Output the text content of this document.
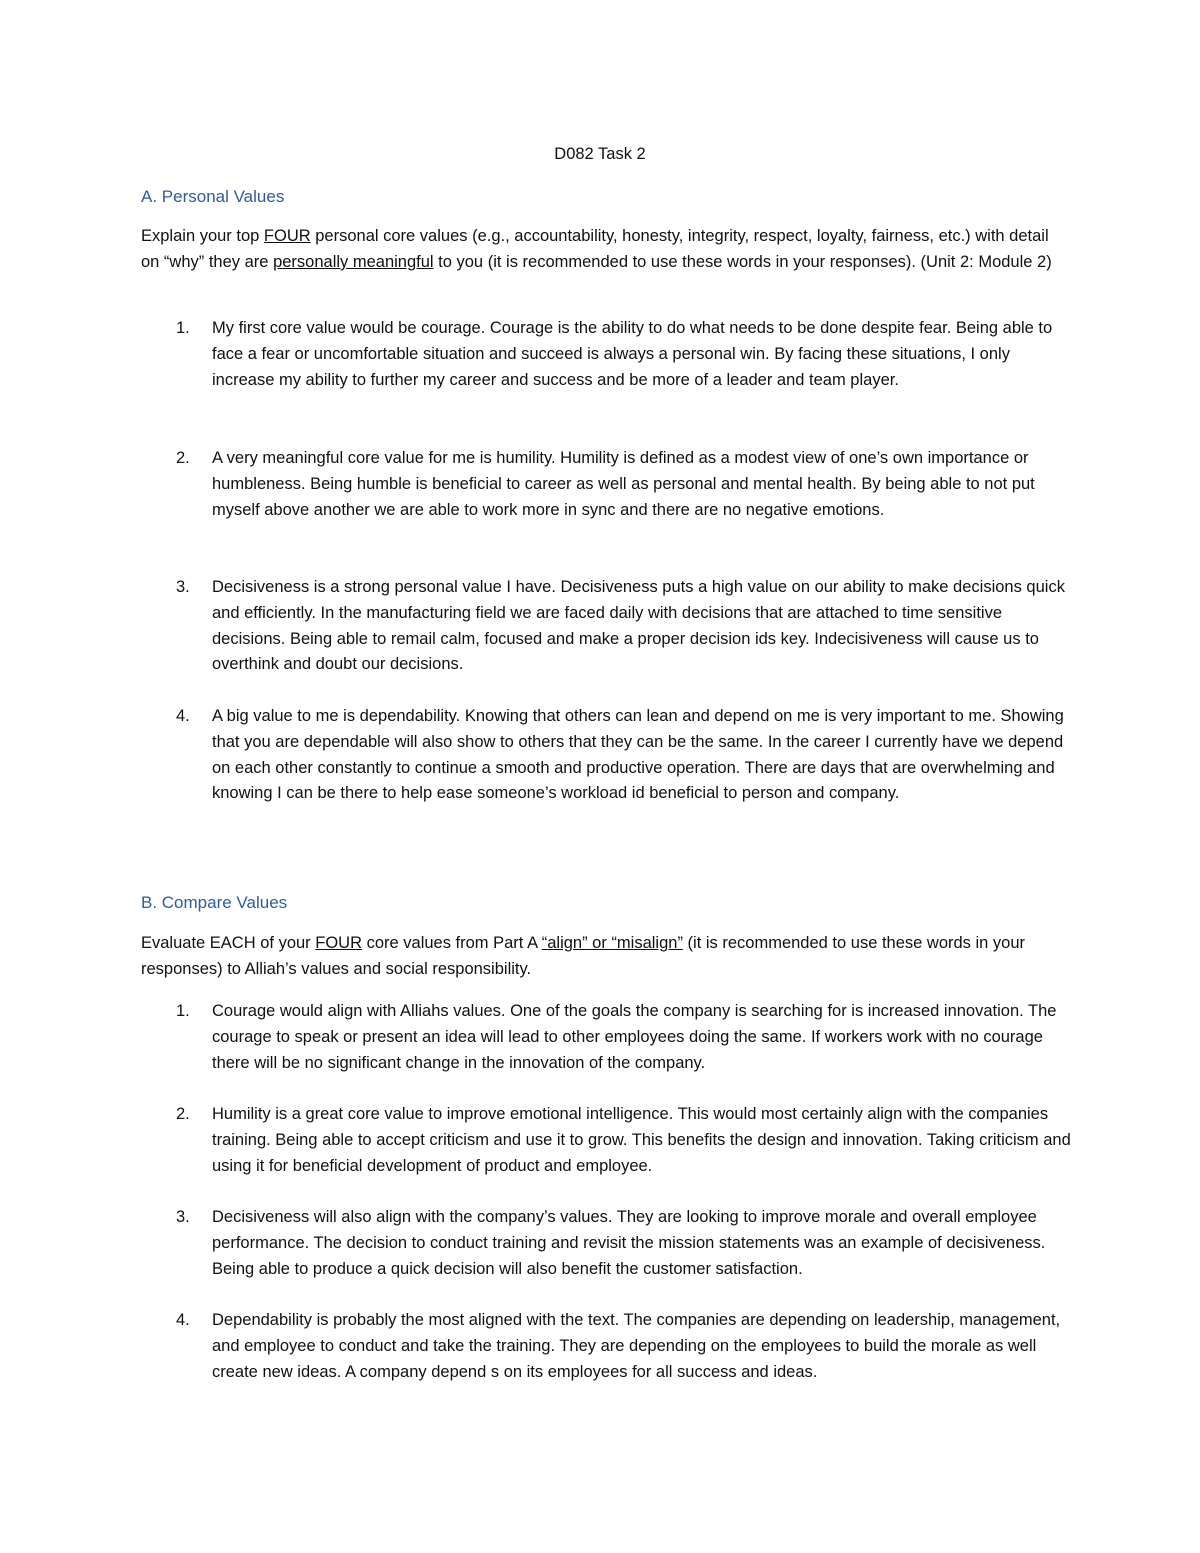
D082 Task 2
A. Personal Values
Explain your top FOUR personal core values (e.g., accountability, honesty, integrity, respect, loyalty, fairness, etc.) with detail on “why” they are personally meaningful to you (it is recommended to use these words in your responses). (Unit 2: Module 2)
1. My first core value would be courage. Courage is the ability to do what needs to be done despite fear. Being able to face a fear or uncomfortable situation and succeed is always a personal win. By facing these situations, I only increase my ability to further my career and success and be more of a leader and team player.
2. A very meaningful core value for me is humility. Humility is defined as a modest view of one’s own importance or humbleness. Being humble is beneficial to career as well as personal and mental health. By being able to not put myself above another we are able to work more in sync and there are no negative emotions.
3. Decisiveness is a strong personal value I have. Decisiveness puts a high value on our ability to make decisions quick and efficiently. In the manufacturing field we are faced daily with decisions that are attached to time sensitive decisions. Being able to remail calm, focused and make a proper decision ids key. Indecisiveness will cause us to overthink and doubt our decisions.
4. A big value to me is dependability. Knowing that others can lean and depend on me is very important to me. Showing that you are dependable will also show to others that they can be the same. In the career I currently have we depend on each other constantly to continue a smooth and productive operation. There are days that are overwhelming and knowing I can be there to help ease someone’s workload id beneficial to person and company.
B. Compare Values
Evaluate EACH of your FOUR core values from Part A “align” or “misalign” (it is recommended to use these words in your responses) to Alliah’s values and social responsibility.
1. Courage would align with Alliahs values. One of the goals the company is searching for is increased innovation. The courage to speak or present an idea will lead to other employees doing the same. If workers work with no courage there will be no significant change in the innovation of the company.
2. Humility is a great core value to improve emotional intelligence. This would most certainly align with the companies training. Being able to accept criticism and use it to grow. This benefits the design and innovation. Taking criticism and using it for beneficial development of product and employee.
3. Decisiveness will also align with the company’s values. They are looking to improve morale and overall employee performance. The decision to conduct training and revisit the mission statements was an example of decisiveness. Being able to produce a quick decision will also benefit the customer satisfaction.
4. Dependability is probably the most aligned with the text. The companies are depending on leadership, management, and employee to conduct and take the training. They are depending on the employees to build the morale as well create new ideas. A company depend s on its employees for all success and ideas.
